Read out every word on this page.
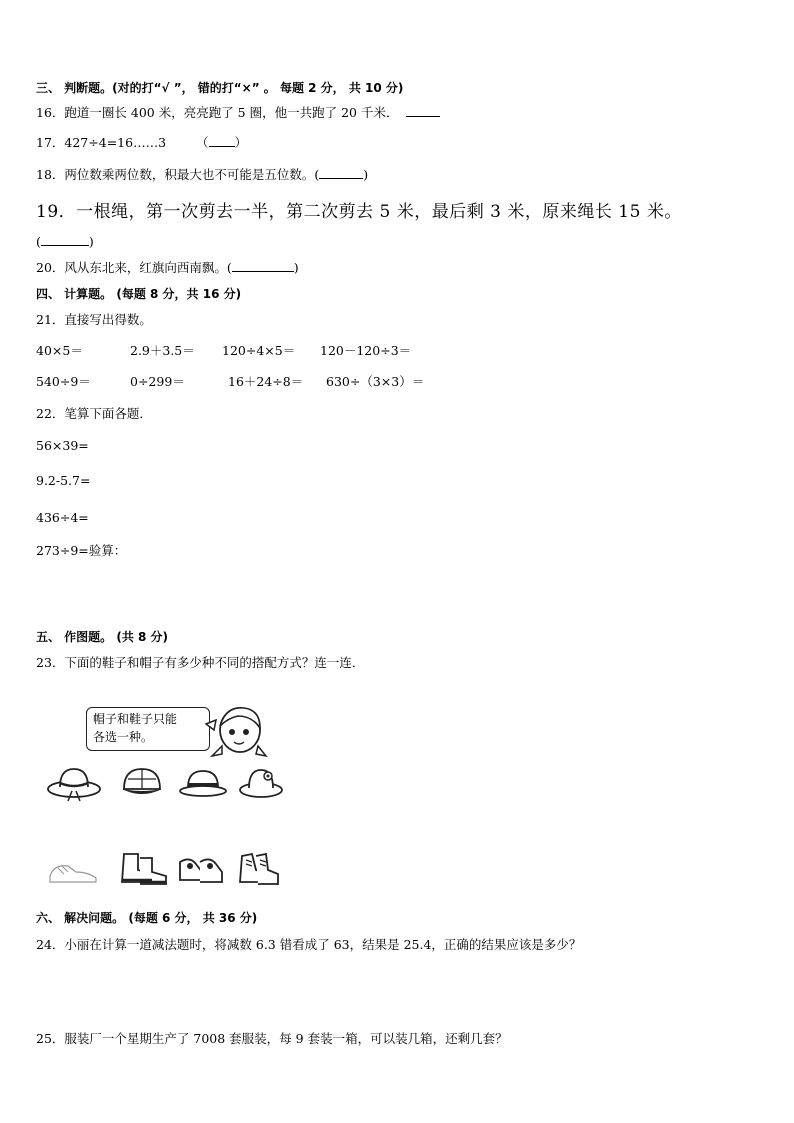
三、 判断题。(对的打“√ ”， 错的打“×” 。 每题 2 分， 共 10 分)
16．跑道一圈长 400 米，亮亮跑了 5 圈，他一共跑了 20 千米．
17．427÷4=16……3 （ ）
18．两位数乘两位数，积最大也不可能是五位数。(	)
19．一根绳，第一次剪去一半，第二次剪去 5 米，最后剩 3 米，原来绳长 15 米。
(	)
20．风从东北来，红旗向西南飘。(	)
四、 计算题。 (每题 8 分，共 16 分)
21．直接写出得数。
40×5＝	2.9＋3.5＝ 120÷4×5＝ 120－120÷3＝
540÷9＝	0÷299＝	16＋24÷8＝ 630÷（3×3）＝
22．笔算下面各题．
56×39=
9.2-5.7=
436÷4=
273÷9=验算：
五、 作图题。 (共 8 分)
23．下面的鞋子和帽子有多少种不同的搭配方式？连一连．
帽子和鞋子只能
各选一种。
六、 解决问题。 (每题 6 分， 共 36 分)
24．小丽在计算一道减法题时，将减数 6.3 错看成了 63，结果是 25.4，正确的结果应该是多少？
25．服装厂一个星期生产了 7008 套服装，每 9 套装一箱，可以装几箱，还剩几套？
